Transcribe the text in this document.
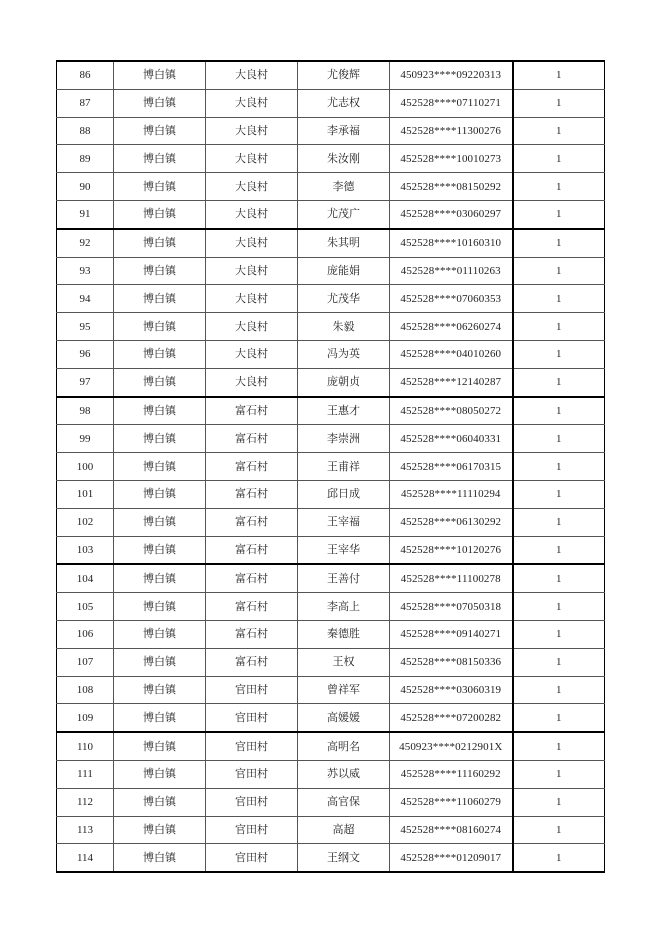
86	博白镇	大良村	尤俊辉	450923****09220313	1
87	博白镇	大良村	尤志权	452528****07110271	1
88	博白镇	大良村	李承福	452528****11300276	1
89	博白镇	大良村	朱汝刚	452528****10010273	1
90	博白镇	大良村	李德	452528****08150292	1
91	博白镇	大良村	尤茂广	452528****03060297	1
92	博白镇	大良村	朱其明	452528****10160310	1
93	博白镇	大良村	庞能娟	452528****01110263	1
94	博白镇	大良村	尤茂华	452528****07060353	1
95	博白镇	大良村	朱毅	452528****06260274	1
96	博白镇	大良村	冯为英	452528****04010260	1
97	博白镇	大良村	庞朝贞	452528****12140287	1
98	博白镇	富石村	王惠才	452528****08050272	1
99	博白镇	富石村	李崇洲	452528****06040331	1
100	博白镇	富石村	王甫祥	452528****06170315	1
101	博白镇	富石村	邱日成	452528****11110294	1
102	博白镇	富石村	王宰福	452528****06130292	1
103	博白镇	富石村	王宰华	452528****10120276	1
104	博白镇	富石村	王善付	452528****11100278	1
105	博白镇	富石村	李高上	452528****07050318	1
106	博白镇	富石村	秦德胜	452528****09140271	1
107	博白镇	富石村	王权	452528****08150336	1
108	博白镇	官田村	曾祥军	452528****03060319	1
109	博白镇	官田村	高媛媛	452528****07200282	1
110	博白镇	官田村	高明名	450923****0212901X	1
111	博白镇	官田村	苏以威	452528****11160292	1
112	博白镇	官田村	高官保	452528****11060279	1
113	博白镇	官田村	高超	452528****08160274	1
114	博白镇	官田村	王纲文	452528****01209017	1
